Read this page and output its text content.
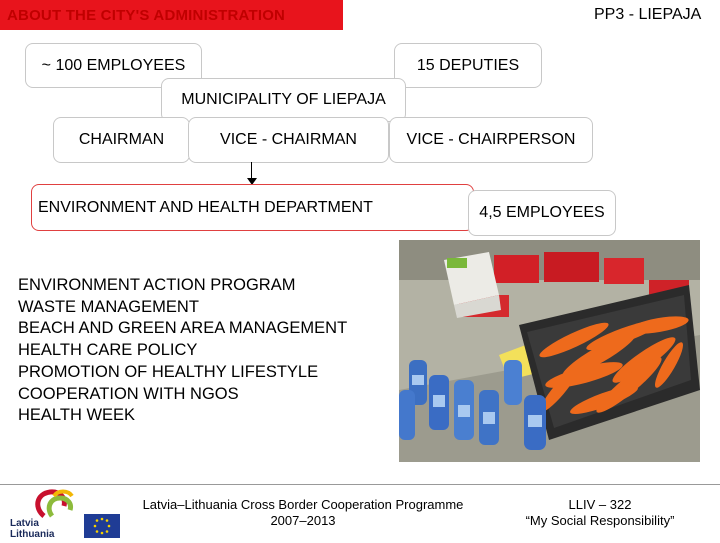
ABOUT THE CITY'S ADMINISTRATION	PP3 - LIEPAJA
~ 100 EMPLOYEES	15 DEPUTIES
MUNICIPALITY OF LIEPAJA
CHAIRMAN	VICE - CHAIRMAN	VICE - CHAIRPERSON
ENVIRONMENT AND HEALTH DEPARTMENT	4,5 EMPLOYEES
ENVIRONMENT ACTION PROGRAM
WASTE MANAGEMENT
BEACH AND GREEN AREA MANAGEMENT
HEALTH CARE POLICY
PROMOTION OF HEALTHY LIFESTYLE
COOPERATION WITH NGOS
HEALTH WEEK
Latvia
Lithuania
Latvia–Lithuania Cross Border Cooperation Programme
2007–2013
LLIV – 322
“My Social Responsibility”
